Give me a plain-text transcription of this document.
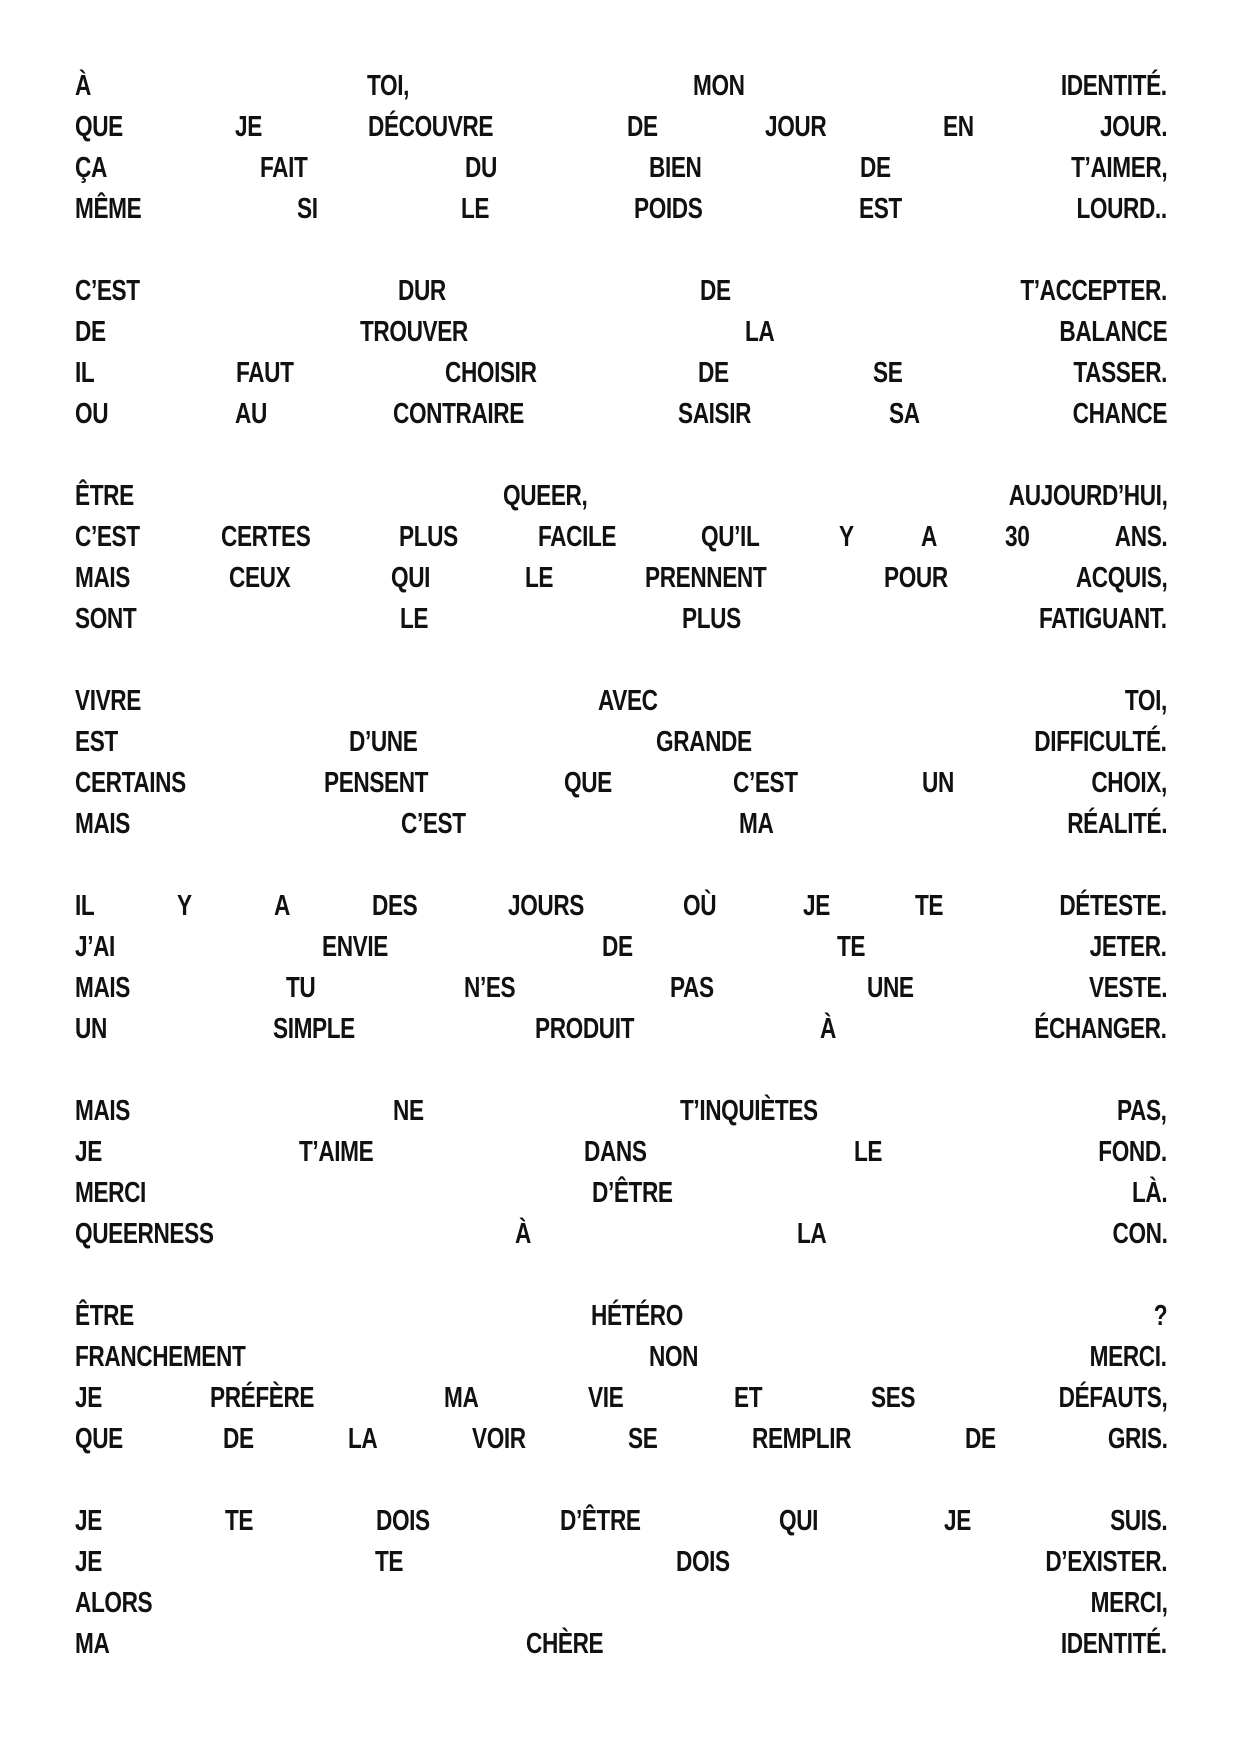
À	TOI,	MON	IDENTITÉ.
QUE	JE	DÉCOUVRE	DE	JOUR	EN	JOUR.
ÇA	FAIT	DU	BIEN	DE	T’AIMER,
MÊME	SI	LE	POIDS	EST	LOURD..
C’EST	DUR	DE	T’ACCEPTER.
DE	TROUVER	LA	BALANCE
IL	FAUT	CHOISIR	DE	SE	TASSER.
OU	AU	CONTRAIRE	SAISIR	SA	CHANCE
ÊTRE	QUEER,	AUJOURD’HUI,
C’EST	CERTES	PLUS	FACILE	QU’IL	Y A 30	ANS.
MAIS	CEUX	QUI	LE	PRENNENT	POUR	ACQUIS,
SONT	LE	PLUS	FATIGUANT.
VIVRE	AVEC	TOI,
EST	D’UNE	GRANDE	DIFFICULTÉ.
CERTAINS	PENSENT	QUE	C’EST	UN	CHOIX,
MAIS	C’EST	MA	RÉALITÉ.
IL	Y	A	DES	JOURS	OÙ	JE	TE	DÉTESTE.
J’AI	ENVIE	DE	TE	JETER.
MAIS	TU	N’ES	PAS	UNE	VESTE.
UN	SIMPLE	PRODUIT	À	ÉCHANGER.
MAIS	NE	T’INQUIÈTES	PAS,
JE	T’AIME	DANS	LE	FOND.
MERCI	D’ÊTRE	LÀ.
QUEERNESS	À	LA	CON.
ÊTRE	HÉTÉRO	?
FRANCHEMENT	NON	MERCI.
JE	PRÉFÈRE	MA	VIE	ET	SES	DÉFAUTS,
QUE	DE	LA	VOIR	SE	REMPLIR	DE	GRIS.
JE	TE	DOIS	D’ÊTRE	QUI	JE	SUIS.
JE	TE	DOIS	D’EXISTER.
ALORS	MERCI,
MA	CHÈRE	IDENTITÉ.
